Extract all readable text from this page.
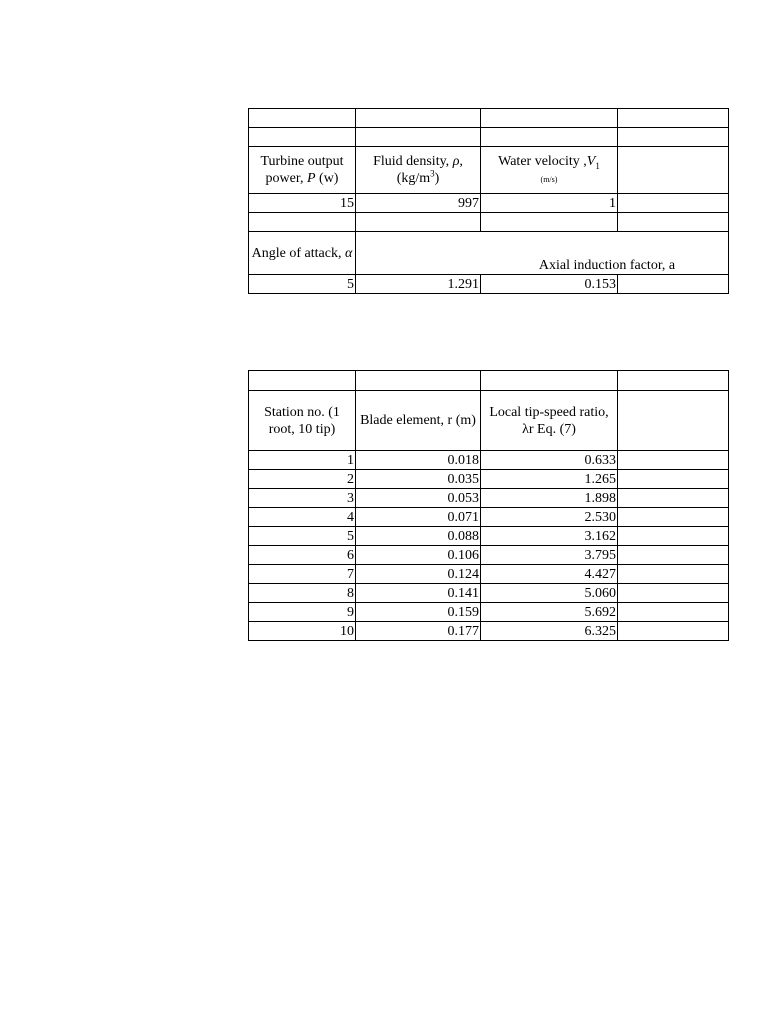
Turbine output power, P (w)	Fluid density, ρ, $(kg/m^3)$	Water velocity $,V_1$
(m/s)	
15	997	1	

Angle of attack, α	Axial induction factor, a		
5	1.291	0.153	

Station no. (1 root, 10 tip)	Blade element, r (m)	Local tip-speed ratio, λr Eq. (7)	
1	0.018	0.633	
2	0.035	1.265	
3	0.053	1.898	
4	0.071	2.530	
5	0.088	3.162	
6	0.106	3.795	
7	0.124	4.427	
8	0.141	5.060	
9	0.159	5.692	
10	0.177	6.325	
